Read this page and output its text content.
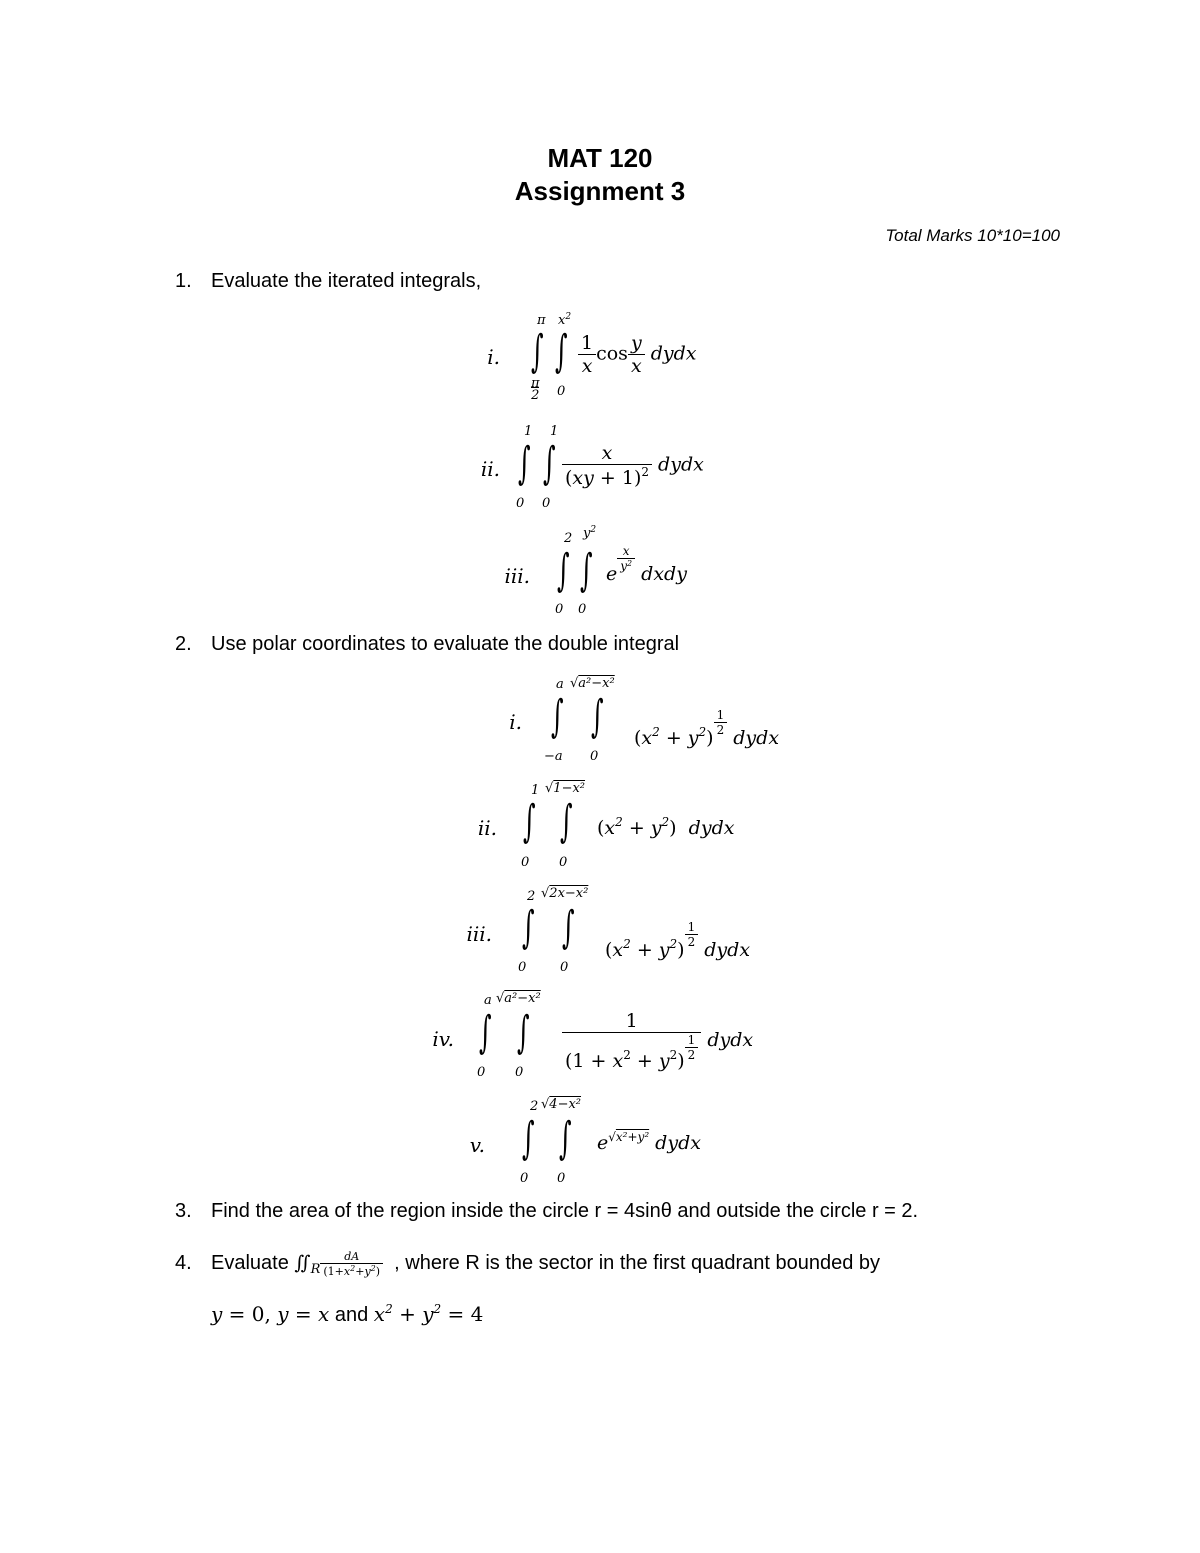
MAT 120
Assignment 3
Total Marks 10*10=100
1. Evaluate the iterated integrals,
i.
π
∫
π
2
$x^2$
∫
0
$\frac{1}{x}$ $\cos \frac{y}{x}$ dydx
ii.
1
∫
0
1
∫
0
$\frac{x}{(xy + 1)^2}$ dydx
iii.
2
∫
0
$y^2$
∫
0
e
$\frac{x}{y^2}$
dxdy
2. Use polar coordinates to evaluate the double integral
i.
a
∫
−a
√a²−x²
∫
0
$(x^2 + y^2)$
$\frac{1}{2}$
dydx
ii.
1
∫
0
√1−x²
∫
0
$(x^2 + y^2)$  dydx
iii.
2
∫
0
√2x−x²
∫
0
$(x^2 + y^2)$
$\frac{1}{2}$
dydx
iv.
a
∫
0
√a²−x²
∫
0
$\frac{1}{(1 + x^2 + y^2) \frac{1}{2}}$ dydx
v.
2
∫
0
√4−x²
∫
0
$e^{√x^2+y^2}$ dydx
3. Find the area of the region inside the circle r = 4sinθ and outside the circle r = 2.
4. Evaluate $∬_R \frac{dA}{(1+x^2+y^2)}$ , where R is the sector in the first quadrant bounded by
y = 0, y = x and $x^2 + y^2 = 4$
